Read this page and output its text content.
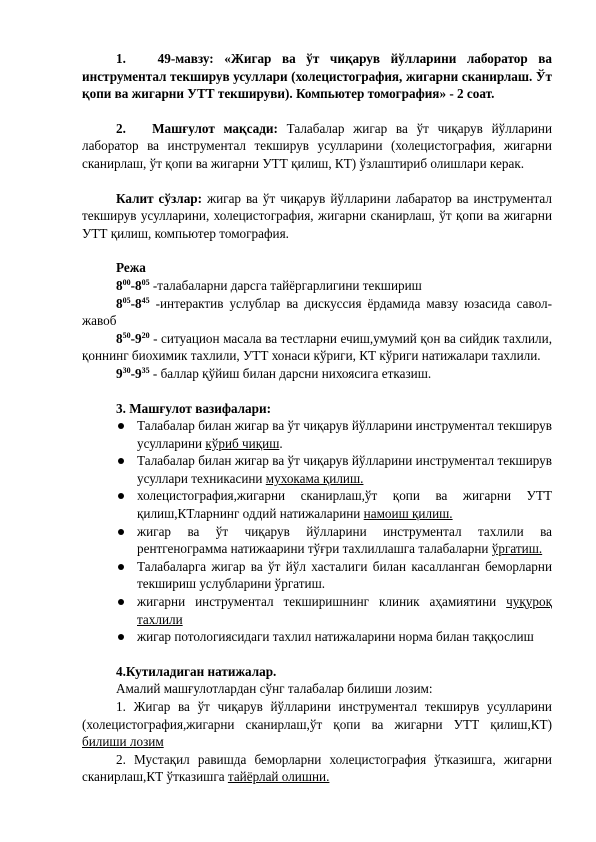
1. 49-мавзу: «Жигар ва ўт чиқарув йўлларини лаборатор ва инструментал текширув усуллари (холецистография, жигарни сканирлаш. Ўт қопи ва жигарни УТТ текшируви). Компьютер томография» - 2 соат.

2. Машғулот мақсади: Талабалар жигар ва ўт чиқарув йўлларини лаборатор ва инструментал текширув усулларини (холецистография, жигарни сканирлаш, ўт қопи ва жигарни УТТ қилиш, КТ) ўзлаштириб олишлари керак.

Калит сўзлар: жигар ва ўт чиқарув йўлларини лабаратор ва инструментал текширув усулларини, холецистография, жигарни сканирлаш, ўт қопи ва жигарни УТТ қилиш, компьютер томография.

Режа

$8^{00}-8^{05}$ -талабаларни дарсга тайёргарлигини текшириш

$8^{05}-8^{45}$ -интерактив услублар ва дискуссия ёрдамида мавзу юзасида савол-жавоб

$8^{50}-9^{20}$ - ситуацион масала ва тестларни ечиш,умумий қон ва сийдик тахлили, қоннинг биохимик тахлили, УТТ хонаси кўриги, КТ кўриги натижалари тахлили.

$9^{30}-9^{35}$ - баллар қўйиш билан дарсни нихоясига етказиш.

3. Машғулот вазифалари:

Талабалар билан жигар ва ўт чиқарув йўлларини инструментал текширув усулларини кўриб чиқиш.
Талабалар билан жигар ва ўт чиқарув йўлларини инструментал текширув усуллари техникасини мухокама қилиш.
холецистография,жигарни сканирлаш,ўт қопи ва жигарни УТТ қилиш,КТларнинг оддий натижаларини намоиш қилиш.
жигар ва ўт чиқарув йўлларини инструментал тахлили ва рентгенограмма натижаарини тўғри тахлиллашга талабаларни ўргатиш.
Талабаларга жигар ва ўт йўл хасталиги билан касалланган беморларни текшириш услубларини ўргатиш.
жигарни инструментал текширишнинг клиник аҳамиятини чуқуроқ тахлили
жигар потологиясидаги тахлил натижаларини норма билан таққослиш

4.Кутиладиган натижалар.

Амалий машғулотлардан сўнг талабалар билиши лозим:

1. Жигар ва ўт чиқарув йўлларини инструментал текширув усулларини (холецистография,жигарни сканирлаш,ўт қопи ва жигарни УТТ қилиш,КТ) билиши лозим

2. Мустақил равишда беморларни холецистография ўтказишга, жигарни сканирлаш,КТ ўтказишга тайёрлай олишни.
